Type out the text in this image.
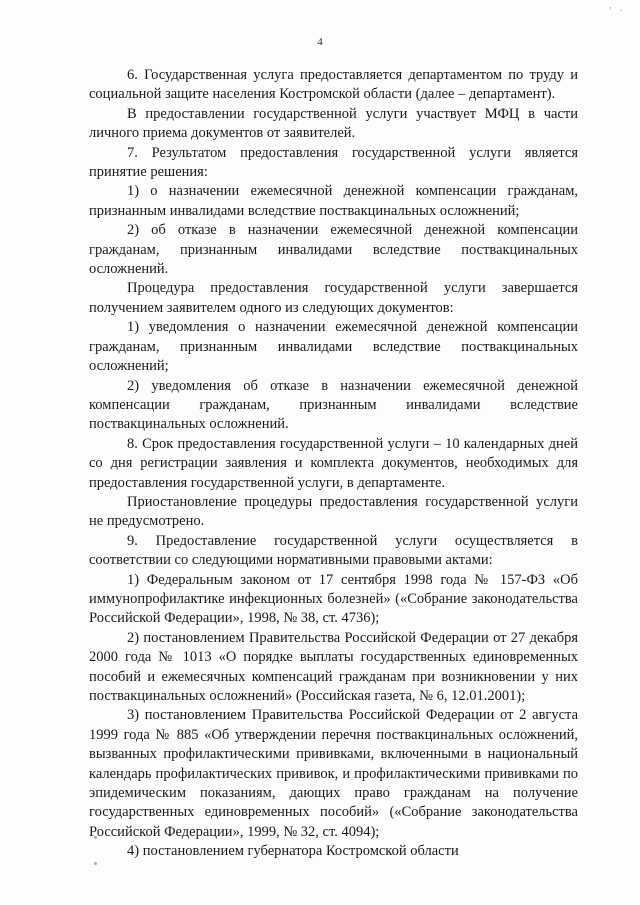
' ·
4

6. Государственная услуга предоставляется департаментом по труду и социальной защите населения Костромской области (далее – департамент).

В предоставлении государственной услуги участвует МФЦ в части личного приема документов от заявителей.

7. Результатом предоставления государственной услуги является принятие решения:

1) о назначении ежемесячной денежной компенсации гражданам, признанным инвалидами вследствие поствакцинальных осложнений;

2) об отказе в назначении ежемесячной денежной компенсации гражданам, признанным инвалидами вследствие поствакцинальных осложнений.

Процедура предоставления государственной услуги завершается получением заявителем одного из следующих документов:

1) уведомления о назначении ежемесячной денежной компенсации гражданам, признанным инвалидами вследствие поствакцинальных осложнений;

2) уведомления об отказе в назначении ежемесячной денежной компенсации гражданам, признанным инвалидами вследствие поствакцинальных осложнений.

8. Срок предоставления государственной услуги – 10 календарных дней со дня регистрации заявления и комплекта документов, необходимых для предоставления государственной услуги, в департаменте.

Приостановление процедуры предоставления государственной услуги не предусмотрено.

9. Предоставление государственной услуги осуществляется в соответствии со следующими нормативными правовыми актами:

1) Федеральным законом от 17 сентября 1998 года № 157-ФЗ «Об иммунопрофилактике инфекционных болезней» («Собрание законодательства Российской Федерации», 1998, № 38, ст. 4736);

2) постановлением Правительства Российской Федерации от 27 декабря 2000 года № 1013 «О порядке выплаты государственных единовременных пособий и ежемесячных компенсаций гражданам при возникновении у них поствакцинальных осложнений» (Российская газета, № 6, 12.01.2001);

3) постановлением Правительства Российской Федерации от 2 августа 1999 года № 885 «Об утверждении перечня поствакцинальных осложнений, вызванных профилактическими прививками, включенными в национальный календарь профилактических прививок, и профилактическими прививками по эпидемическим показаниям, дающих право гражданам на получение государственных единовременных пособий» («Собрание законодательства Российской Федерации», 1999, № 32, ст. 4094);

4) постановлением губернатора Костромской области
